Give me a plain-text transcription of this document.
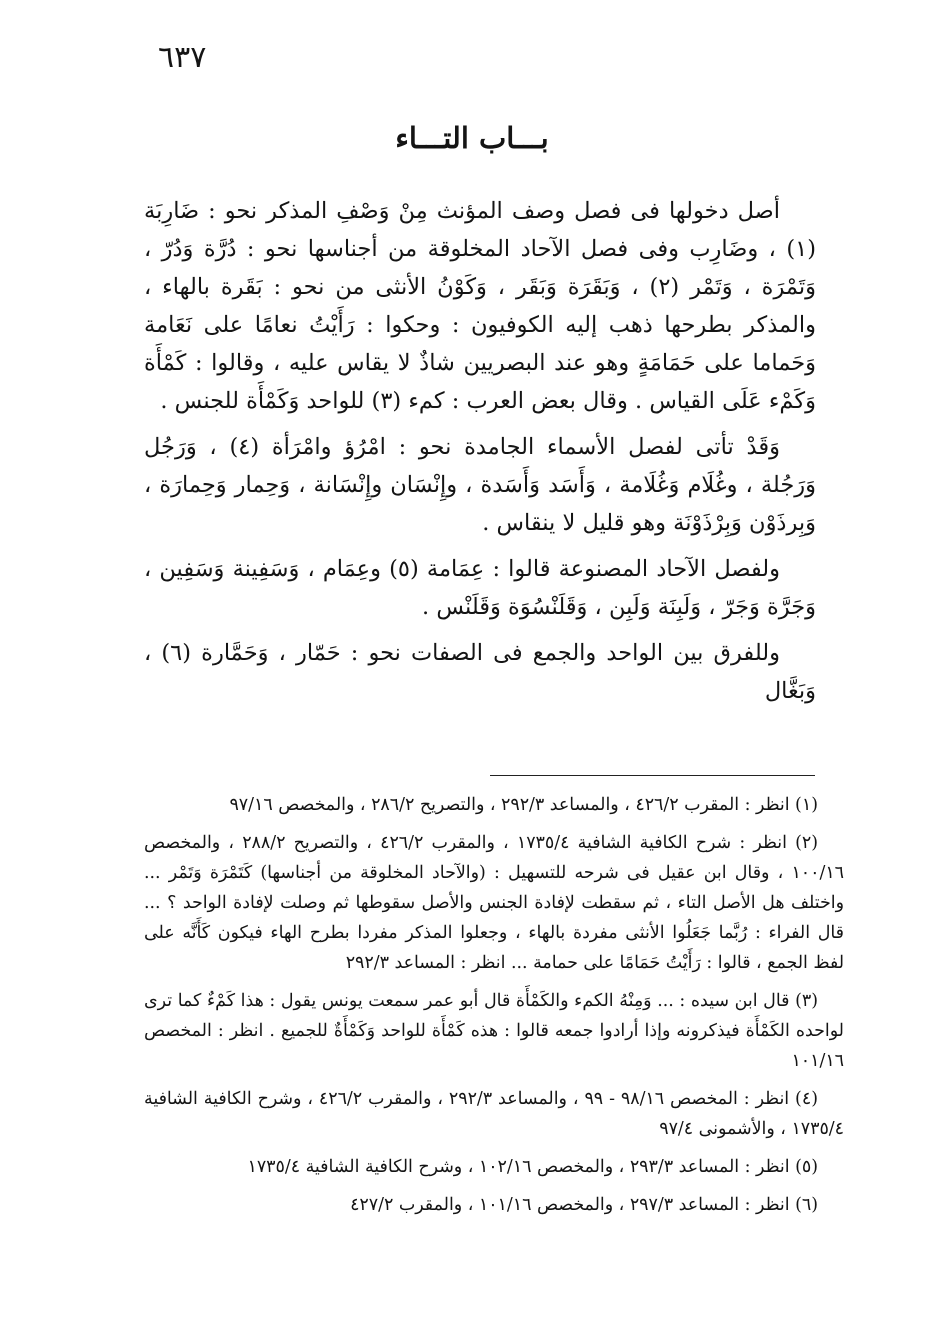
٦٣٧
بـــاب التـــاء

أصل دخولها فى فصل وصف المؤنث مِنْ وَصْفِ المذكر نحو : ضَارِبَة (١) ، وضَارِب وفى فصل الآحاد المخلوقة من أجناسها نحو : دُرَّة وَدُرّ ، وَتَمْرَة ، وَتَمْر (٢) ، وَبَقَرَة وَبَقَر ، وَكَوْنُ الأنثى من نحو : بَقَرة بالهاء ، والمذكر بطرحها ذهب إليه الكوفيون : وحكوا : رَأَيْتُ نعامًا على نَعَامة وَحَماما على حَمَامَةٍ وهو عند البصريين شاذٌ لا يقاس عليه ، وقالوا : كَمْأَة وَكَمْء عَلَى القياس . وقال بعض العرب : كمء (٣) للواحد وَكَمْأَة للجنس .

وَقَدْ تأتى لفصل الأسماء الجامدة نحو : امْرُؤ وامْرَأة (٤) ، وَرَجُل وَرَجُلة ، وغُلَام وَغُلَامة ، وَأَسَد وَأَسَدة ، وإِنْسَان وإِنْسَانة ، وَحِمار وَحِمارَة ، وَبِرذَوْن وَبِرْذَوْنَة وهو قليل لا ينقاس .

ولفصل الآحاد المصنوعة قالوا : عِمَامة (٥) وعِمَام ، وَسَفِينة وَسَفِين ، وَجَرَّة وَجَرّ ، وَلَبِنَة وَلَبِن ، وَقَلَنْسُوَة وَقَلَنْس .

وللفرق بين الواحد والجمع فى الصفات نحو : حَمّار ، وَحَمَّارة (٦) ، وَبَغَّال

(١) انظر : المقرب ٤٢٦/٢ ، والمساعد ٢٩٢/٣ ، والتصريح ٢٨٦/٢ ، والمخصص ٩٧/١٦

(٢) انظر : شرح الكافية الشافية ١٧٣٥/٤ ، والمقرب ٤٢٦/٢ ، والتصريح ٢٨٨/٢ ، والمخصص ١٠٠/١٦ ، وقال ابن عقيل فى شرحه للتسهيل : (والآحاد المخلوقة من أجناسها) كَتَمْرَة وَتَمْر ... واختلف هل الأصل التاء ، ثم سقطت لإفادة الجنس والأصل سقوطها ثم وصلت لإفادة الواحد ؟ ... قال الفراء : رُبَّما جَعَلُوا الأنثى مفردة بالهاء ، وجعلوا المذكر مفردا بطرح الهاء فيكون كَأَنَّه على لفظ الجمع ، قالوا : رَأَيْتُ حَمَامًا على حمامة ... انظر : المساعد ٢٩٢/٣

(٣) قال ابن سيده : ... وَمِنْهُ الكمء والكَمْأَة قال أبو عمر سمعت يونس يقول : هذا كَمْءٌ كما ترى لواحده الكَمْأَة فيذكرونه وإذا أرادوا جمعه قالوا : هذه كَمْأَة للواحد وَكَمْأَةٌ للجميع . انظر : المخصص ١٠١/١٦

(٤) انظر : المخصص ٩٨/١٦ - ٩٩ ، والمساعد ٢٩٢/٣ ، والمقرب ٤٢٦/٢ ، وشرح الكافية الشافية ١٧٣٥/٤ ، والأشمونى ٩٧/٤

(٥) انظر : المساعد ٢٩٣/٣ ، والمخصص ١٠٢/١٦ ، وشرح الكافية الشافية ١٧٣٥/٤

(٦) انظر : المساعد ٢٩٧/٣ ، والمخصص ١٠١/١٦ ، والمقرب ٤٢٧/٢
